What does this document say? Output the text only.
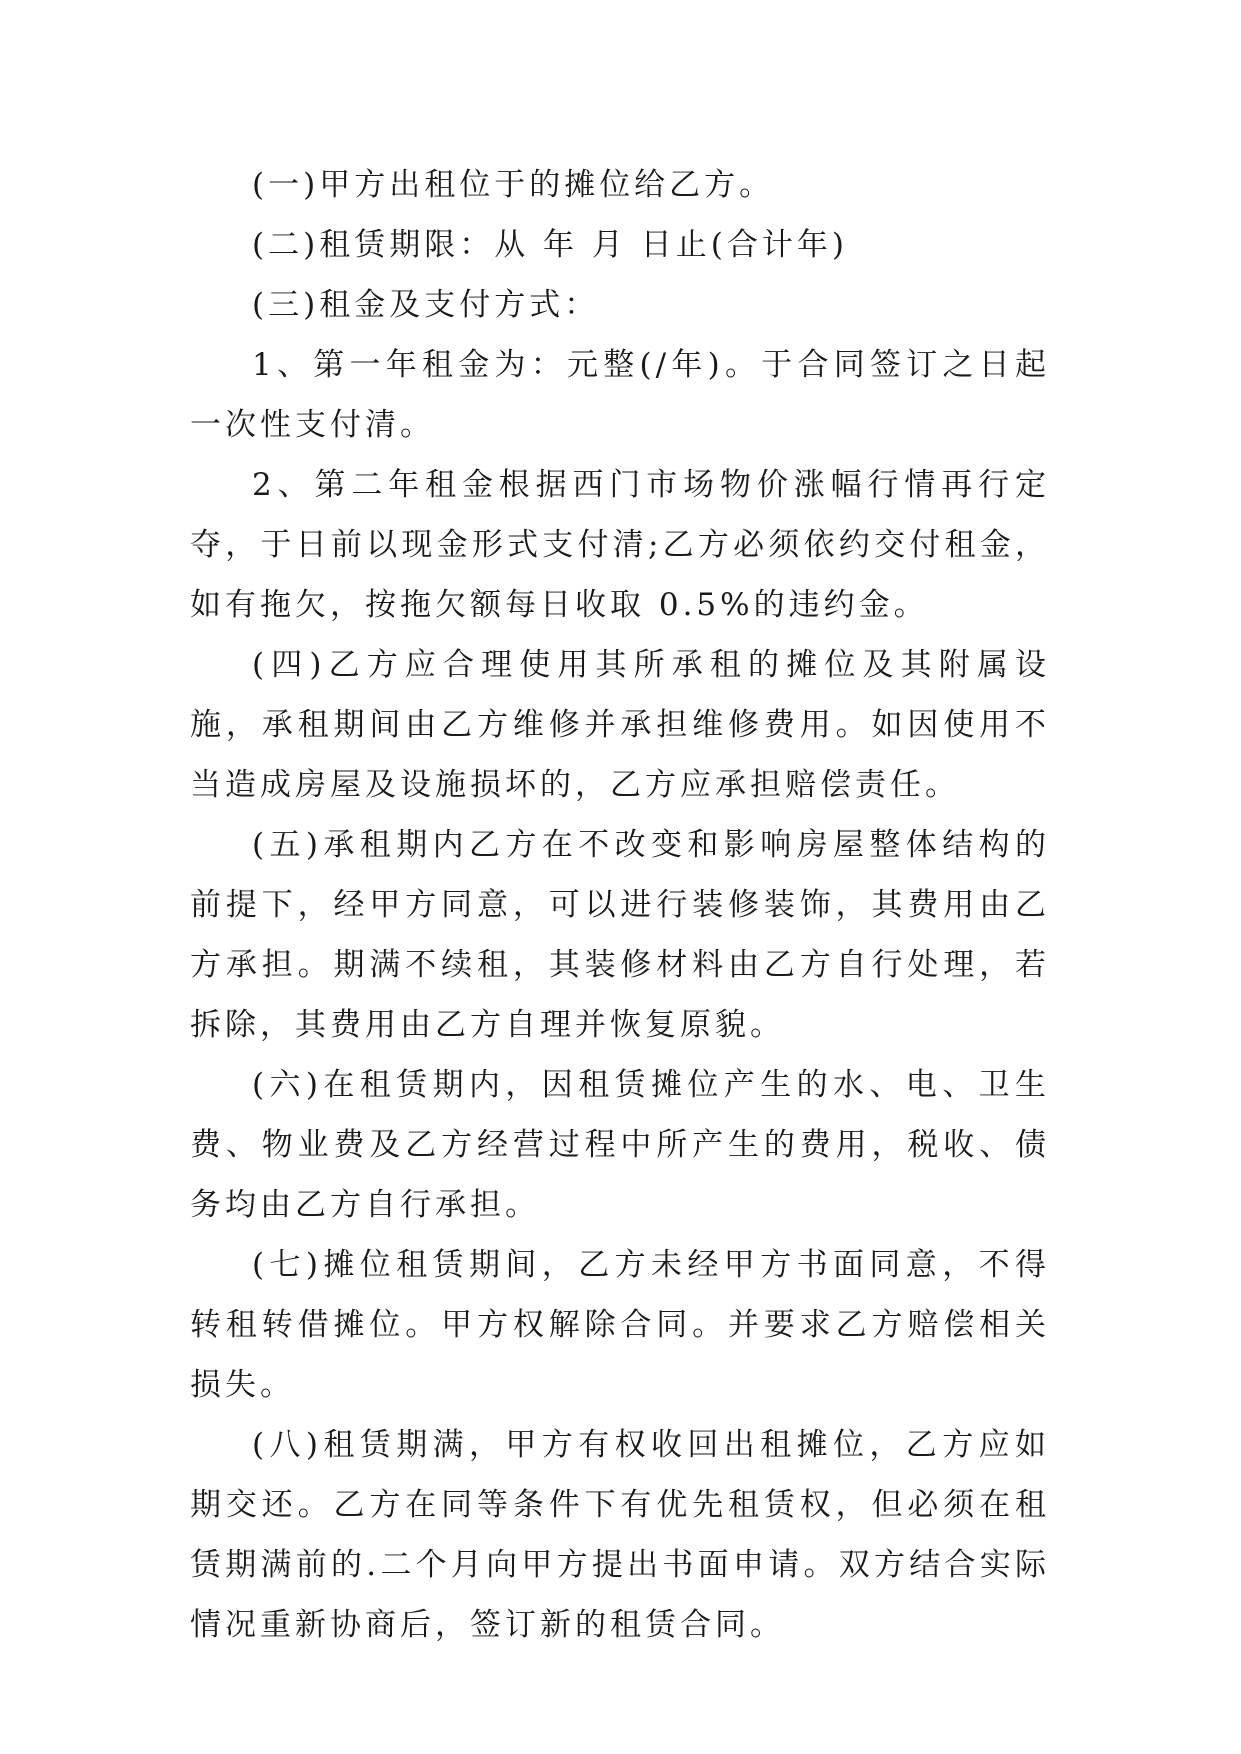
(一)甲方出租位于的摊位给乙方。

(二)租赁期限：从 年 月 日止(合计年)

(三)租金及支付方式：

1、第一年租金为：元整(/年)。于合同签订之日起一次性支付清。

2、第二年租金根据西门市场物价涨幅行情再行定夺，于日前以现金形式支付清;乙方必须依约交付租金，如有拖欠，按拖欠额每日收取 0.5%的违约金。

(四)乙方应合理使用其所承租的摊位及其附属设施，承租期间由乙方维修并承担维修费用。如因使用不当造成房屋及设施损坏的，乙方应承担赔偿责任。

(五)承租期内乙方在不改变和影响房屋整体结构的前提下，经甲方同意，可以进行装修装饰，其费用由乙方承担。期满不续租，其装修材料由乙方自行处理，若拆除，其费用由乙方自理并恢复原貌。

(六)在租赁期内，因租赁摊位产生的水、电、卫生费、物业费及乙方经营过程中所产生的费用，税收、债务均由乙方自行承担。

(七)摊位租赁期间，乙方未经甲方书面同意，不得转租转借摊位。甲方权解除合同。并要求乙方赔偿相关损失。

(八)租赁期满，甲方有权收回出租摊位，乙方应如期交还。乙方在同等条件下有优先租赁权，但必须在租赁期满前的.二个月向甲方提出书面申请。双方结合实际情况重新协商后，签订新的租赁合同。
